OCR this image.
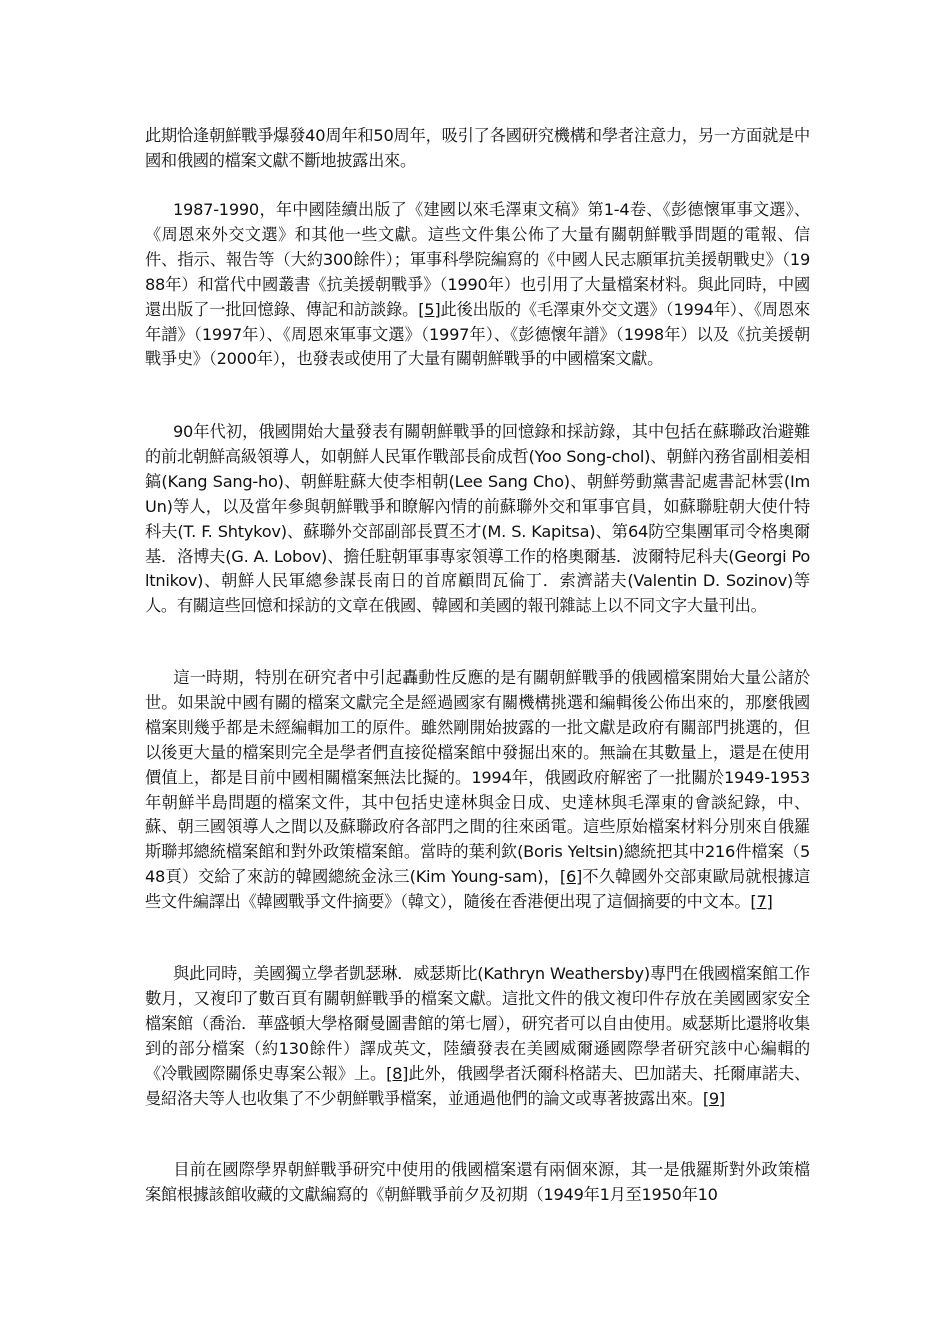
此期恰逢朝鮮戰爭爆發40周年和50周年，吸引了各國研究機構和學者注意力，另一方面就是中國和俄國的檔案文獻不斷地披露出來。

1987-1990，年中國陸續出版了《建國以來毛澤東文稿》第1-4卷、《彭德懷軍事文選》、《周恩來外交文選》和其他一些文獻。這些文件集公佈了大量有關朝鮮戰爭問題的電報、信件、指示、報告等（大約300餘件）；軍事科學院編寫的《中國人民志願軍抗美援朝戰史》（1988年）和當代中國叢書《抗美援朝戰爭》（1990年）也引用了大量檔案材料。與此同時，中國還出版了一批回憶錄、傳記和訪談錄。[5]此後出版的《毛澤東外交文選》（1994年）、《周恩來年譜》（1997年）、《周恩來軍事文選》（1997年）、《彭德懷年譜》（1998年）以及《抗美援朝戰爭史》（2000年），也發表或使用了大量有關朝鮮戰爭的中國檔案文獻。

90年代初，俄國開始大量發表有關朝鮮戰爭的回憶錄和採訪錄，其中包括在蘇聯政治避難的前北朝鮮高級領導人，如朝鮮人民軍作戰部長俞成哲(Yoo Song-chol)、朝鮮內務省副相姜相鎬(Kang Sang-ho)、朝鮮駐蘇大使李相朝(Lee Sang Cho)、朝鮮勞動黨書記處書記林雲(Im Un)等人，以及當年參與朝鮮戰爭和瞭解內情的前蘇聯外交和軍事官員，如蘇聯駐朝大使什特科夫(T. F. Shtykov)、蘇聯外交部副部長賈丕才(M. S. Kapitsa)、第64防空集團軍司令格奧爾基．洛博夫(G. A. Lobov)、擔任駐朝軍事專家領導工作的格奧爾基．波爾特尼科夫(Georgi Poltnikov)、朝鮮人民軍總參謀長南日的首席顧問瓦倫丁．索濟諾夫(Valentin D. Sozinov)等人。有關這些回憶和採訪的文章在俄國、韓國和美國的報刊雜誌上以不同文字大量刊出。

這一時期，特別在研究者中引起轟動性反應的是有關朝鮮戰爭的俄國檔案開始大量公諸於世。如果說中國有關的檔案文獻完全是經過國家有關機構挑選和編輯後公佈出來的，那麼俄國檔案則幾乎都是未經編輯加工的原件。雖然剛開始披露的一批文獻是政府有關部門挑選的，但以後更大量的檔案則完全是學者們直接從檔案館中發掘出來的。無論在其數量上，還是在使用價值上，都是目前中國相關檔案無法比擬的。1994年，俄國政府解密了一批關於1949-1953年朝鮮半島問題的檔案文件，其中包括史達林與金日成、史達林與毛澤東的會談紀錄，中、蘇、朝三國領導人之間以及蘇聯政府各部門之間的往來函電。這些原始檔案材料分別來自俄羅斯聯邦總統檔案館和對外政策檔案館。當時的葉利欽(Boris Yeltsin)總統把其中216件檔案（548頁）交給了來訪的韓國總統金泳三(Kim Young-sam)，[6]不久韓國外交部東歐局就根據這些文件編譯出《韓國戰爭文件摘要》（韓文），隨後在香港便出現了這個摘要的中文本。[7]

與此同時，美國獨立學者凱瑟琳．威瑟斯比(Kathryn Weathersby)專門在俄國檔案館工作數月，又複印了數百頁有關朝鮮戰爭的檔案文獻。這批文件的俄文複印件存放在美國國家安全檔案館（喬治．華盛頓大學格爾曼圖書館的第七層），研究者可以自由使用。威瑟斯比還將收集到的部分檔案（約130餘件）譯成英文，陸續發表在美國威爾遜國際學者研究該中心編輯的《冷戰國際關係史專案公報》上。[8]此外，俄國學者沃爾科格諾夫、巴加諾夫、托爾庫諾夫、曼紹洛夫等人也收集了不少朝鮮戰爭檔案，並通過他們的論文或專著披露出來。[9]

目前在國際學界朝鮮戰爭研究中使用的俄國檔案還有兩個來源，其一是俄羅斯對外政策檔案館根據該館收藏的文獻編寫的《朝鮮戰爭前夕及初期（1949年1月至1950年10
